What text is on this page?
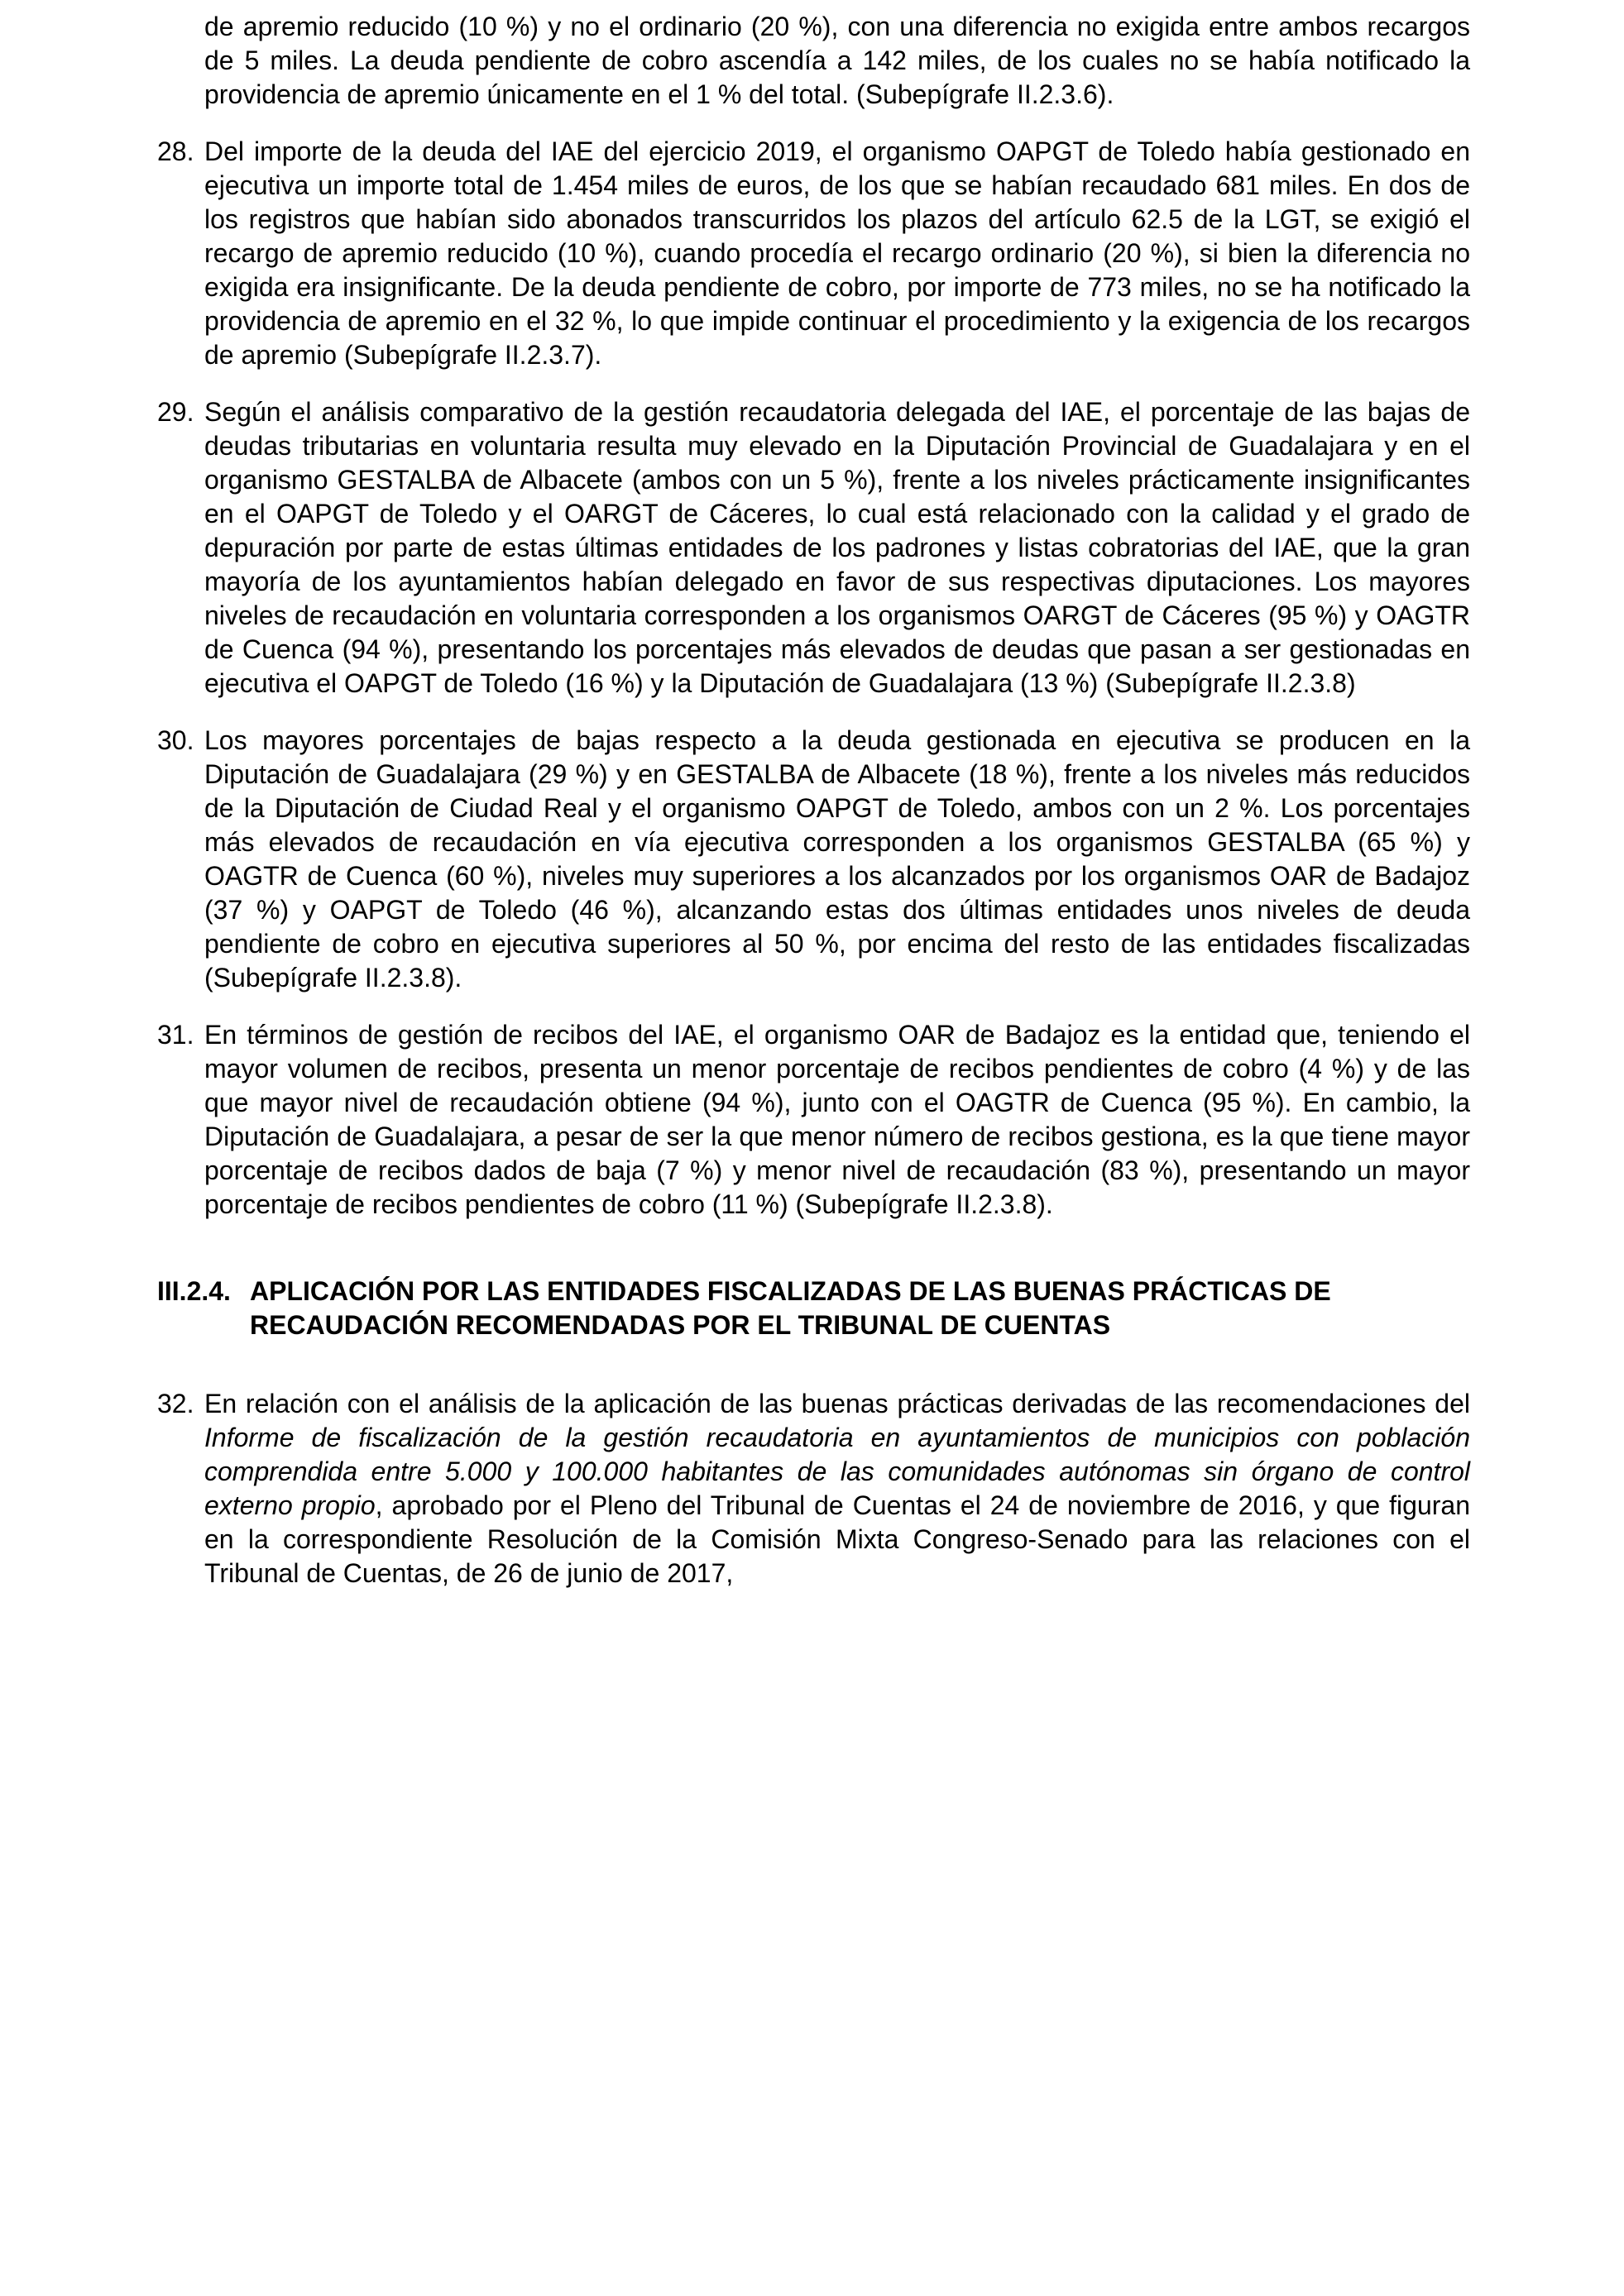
de apremio reducido (10 %) y no el ordinario (20 %), con una diferencia no exigida entre ambos recargos de 5 miles. La deuda pendiente de cobro ascendía a 142 miles, de los cuales no se había notificado la providencia de apremio únicamente en el 1 % del total. (Subepígrafe II.2.3.6).

28. Del importe de la deuda del IAE del ejercicio 2019, el organismo OAPGT de Toledo había gestionado en ejecutiva un importe total de 1.454 miles de euros, de los que se habían recaudado 681 miles. En dos de los registros que habían sido abonados transcurridos los plazos del artículo 62.5 de la LGT, se exigió el recargo de apremio reducido (10 %), cuando procedía el recargo ordinario (20 %), si bien la diferencia no exigida era insignificante. De la deuda pendiente de cobro, por importe de 773 miles, no se ha notificado la providencia de apremio en el 32 %, lo que impide continuar el procedimiento y la exigencia de los recargos de apremio (Subepígrafe II.2.3.7).

29. Según el análisis comparativo de la gestión recaudatoria delegada del IAE, el porcentaje de las bajas de deudas tributarias en voluntaria resulta muy elevado en la Diputación Provincial de Guadalajara y en el organismo GESTALBA de Albacete (ambos con un 5 %), frente a los niveles prácticamente insignificantes en el OAPGT de Toledo y el OARGT de Cáceres, lo cual está relacionado con la calidad y el grado de depuración por parte de estas últimas entidades de los padrones y listas cobratorias del IAE, que la gran mayoría de los ayuntamientos habían delegado en favor de sus respectivas diputaciones. Los mayores niveles de recaudación en voluntaria corresponden a los organismos OARGT de Cáceres (95 %) y OAGTR de Cuenca (94 %), presentando los porcentajes más elevados de deudas que pasan a ser gestionadas en ejecutiva el OAPGT de Toledo (16 %) y la Diputación de Guadalajara (13 %) (Subepígrafe II.2.3.8)

30. Los mayores porcentajes de bajas respecto a la deuda gestionada en ejecutiva se producen en la Diputación de Guadalajara (29 %) y en GESTALBA de Albacete (18 %), frente a los niveles más reducidos de la Diputación de Ciudad Real y el organismo OAPGT de Toledo, ambos con un 2 %. Los porcentajes más elevados de recaudación en vía ejecutiva corresponden a los organismos GESTALBA (65 %) y OAGTR de Cuenca (60 %), niveles muy superiores a los alcanzados por los organismos OAR de Badajoz (37 %) y OAPGT de Toledo (46 %), alcanzando estas dos últimas entidades unos niveles de deuda pendiente de cobro en ejecutiva superiores al 50 %, por encima del resto de las entidades fiscalizadas (Subepígrafe II.2.3.8).

31. En términos de gestión de recibos del IAE, el organismo OAR de Badajoz es la entidad que, teniendo el mayor volumen de recibos, presenta un menor porcentaje de recibos pendientes de cobro (4 %) y de las que mayor nivel de recaudación obtiene (94 %), junto con el OAGTR de Cuenca (95 %). En cambio, la Diputación de Guadalajara, a pesar de ser la que menor número de recibos gestiona, es la que tiene mayor porcentaje de recibos dados de baja (7 %) y menor nivel de recaudación (83 %), presentando un mayor porcentaje de recibos pendientes de cobro (11 %) (Subepígrafe II.2.3.8).

III.2.4. APLICACIÓN POR LAS ENTIDADES FISCALIZADAS DE LAS BUENAS PRÁCTICAS DE RECAUDACIÓN RECOMENDADAS POR EL TRIBUNAL DE CUENTAS

32. En relación con el análisis de la aplicación de las buenas prácticas derivadas de las recomendaciones del Informe de fiscalización de la gestión recaudatoria en ayuntamientos de municipios con población comprendida entre 5.000 y 100.000 habitantes de las comunidades autónomas sin órgano de control externo propio, aprobado por el Pleno del Tribunal de Cuentas el 24 de noviembre de 2016, y que figuran en la correspondiente Resolución de la Comisión Mixta Congreso-Senado para las relaciones con el Tribunal de Cuentas, de 26 de junio de 2017,
